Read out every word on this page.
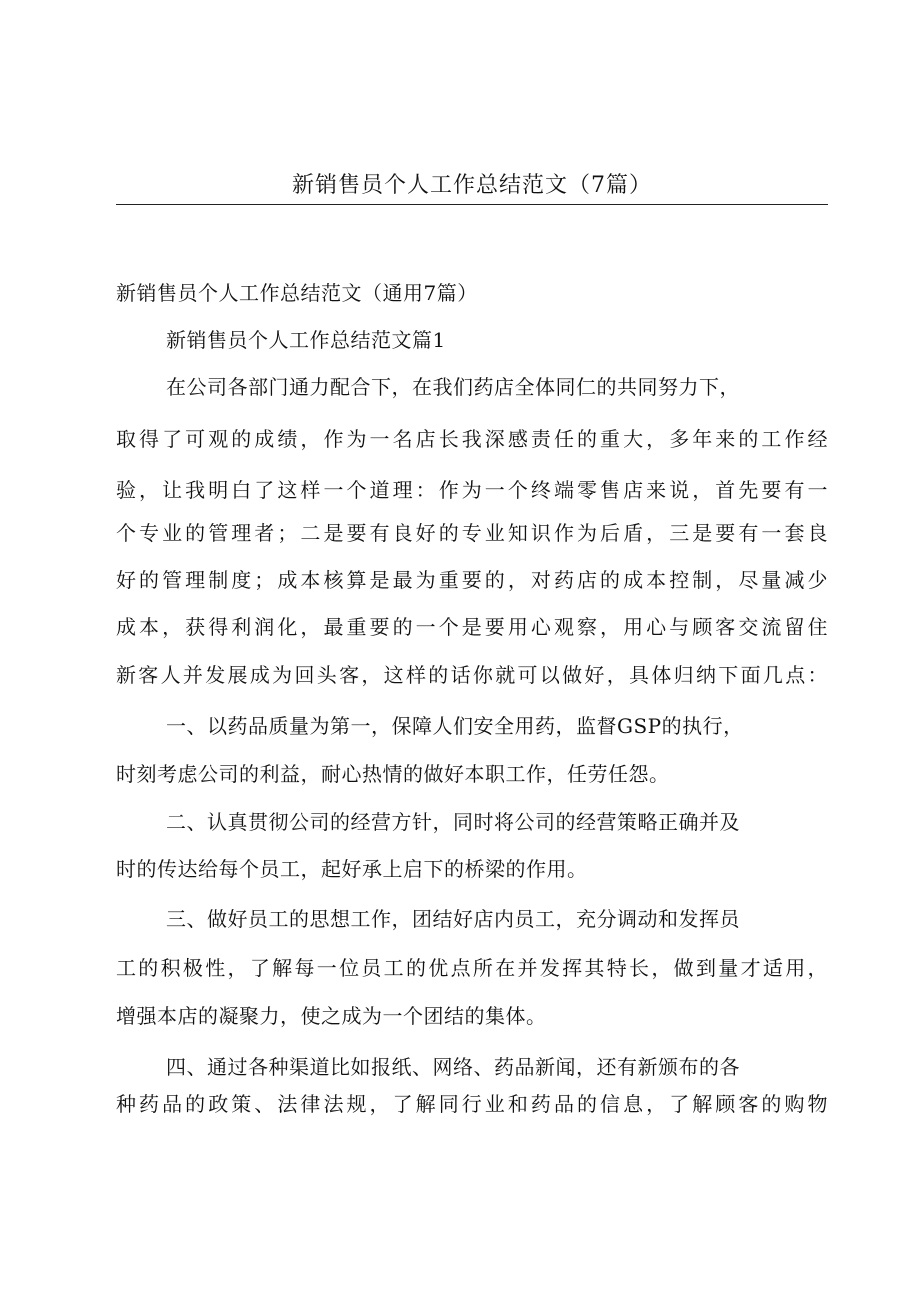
新销售员个人工作总结范文（7篇）
新销售员个人工作总结范文（通用7篇）
新销售员个人工作总结范文篇1
在公司各部门通力配合下，在我们药店全体同仁的共同努力下，
取得了可观的成绩，作为一名店长我深感责任的重大，多年来的工作经
验，让我明白了这样一个道理：作为一个终端零售店来说，首先要有一
个专业的管理者；二是要有良好的专业知识作为后盾，三是要有一套良
好的管理制度；成本核算是最为重要的，对药店的成本控制，尽量减少
成本，获得利润化，最重要的一个是要用心观察，用心与顾客交流留住
新客人并发展成为回头客，这样的话你就可以做好，具体归纳下面几点：
一、以药品质量为第一，保障人们安全用药，监督GSP的执行，
时刻考虑公司的利益，耐心热情的做好本职工作，任劳任怨。
二、认真贯彻公司的经营方针，同时将公司的经营策略正确并及
时的传达给每个员工，起好承上启下的桥梁的作用。
三、做好员工的思想工作，团结好店内员工，充分调动和发挥员
工的积极性，了解每一位员工的优点所在并发挥其特长，做到量才适用，
增强本店的凝聚力，使之成为一个团结的集体。
四、通过各种渠道比如报纸、网络、药品新闻，还有新颁布的各
种药品的政策、法律法规，了解同行业和药品的信息，了解顾客的购物
